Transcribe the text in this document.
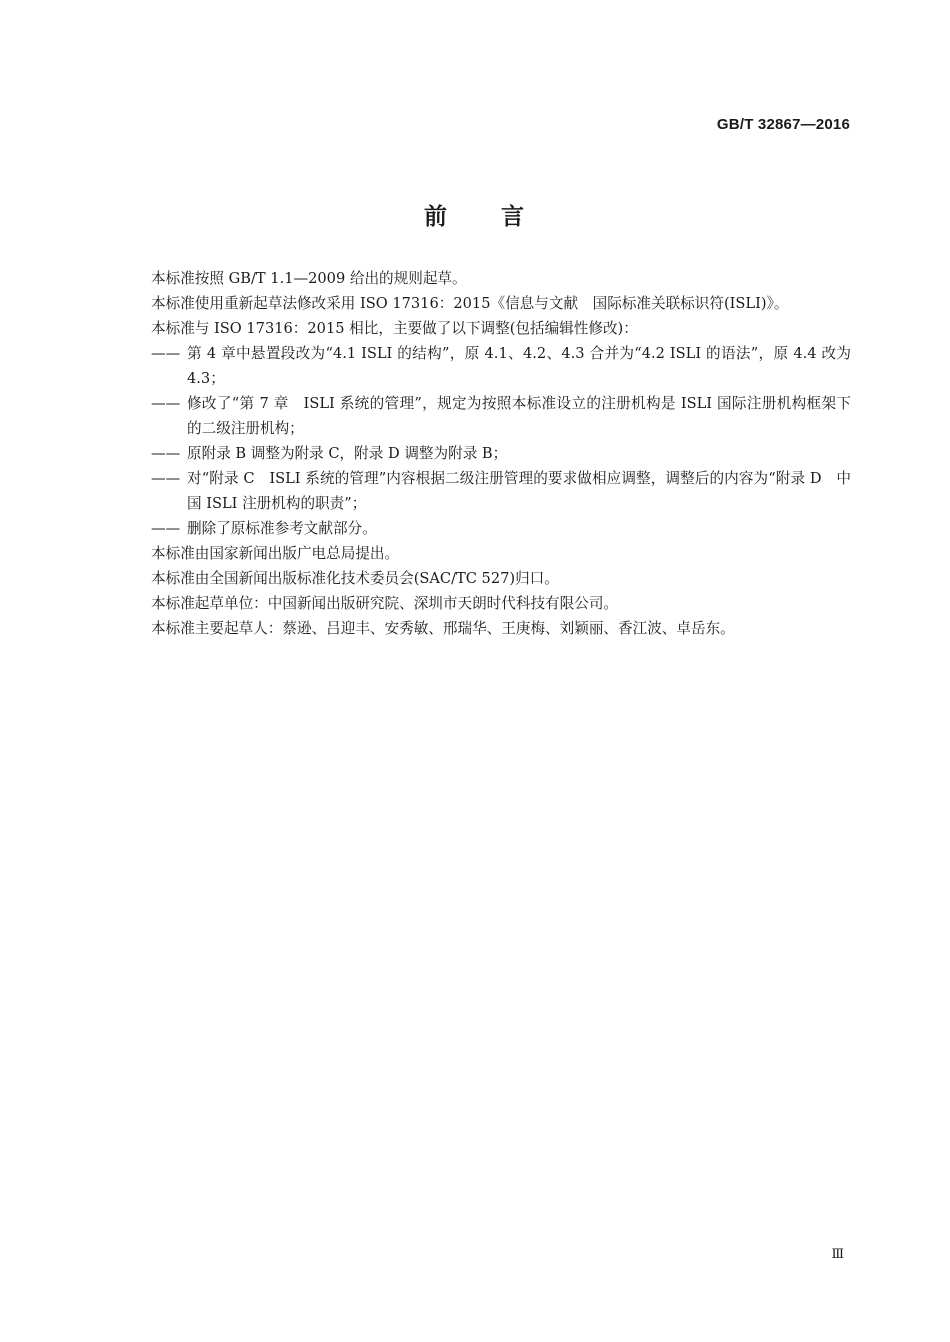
GB/T 32867—2016
前 言

本标准按照 GB/T 1.1—2009 给出的规则起草。

本标准使用重新起草法修改采用 ISO 17316：2015《信息与文献　国际标准关联标识符(ISLI)》。

本标准与 ISO 17316：2015 相比，主要做了以下调整(包括编辑性修改)：

—— 第 4 章中悬置段改为“4.1 ISLI 的结构”，原 4.1、4.2、4.3 合并为“4.2 ISLI 的语法”，原 4.4 改为 4.3；

—— 修改了“第 7 章　ISLI 系统的管理”，规定为按照本标准设立的注册机构是 ISLI 国际注册机构框架下的二级注册机构；

—— 原附录 B 调整为附录 C，附录 D 调整为附录 B；

—— 对“附录 C　ISLI 系统的管理”内容根据二级注册管理的要求做相应调整，调整后的内容为“附录 D　中国 ISLI 注册机构的职责”；

—— 删除了原标准参考文献部分。

本标准由国家新闻出版广电总局提出。

本标准由全国新闻出版标准化技术委员会(SAC/TC 527)归口。

本标准起草单位：中国新闻出版研究院、深圳市天朗时代科技有限公司。

本标准主要起草人：蔡逊、吕迎丰、安秀敏、邢瑞华、王庚梅、刘颖丽、香江波、卓岳东。

Ⅲ
